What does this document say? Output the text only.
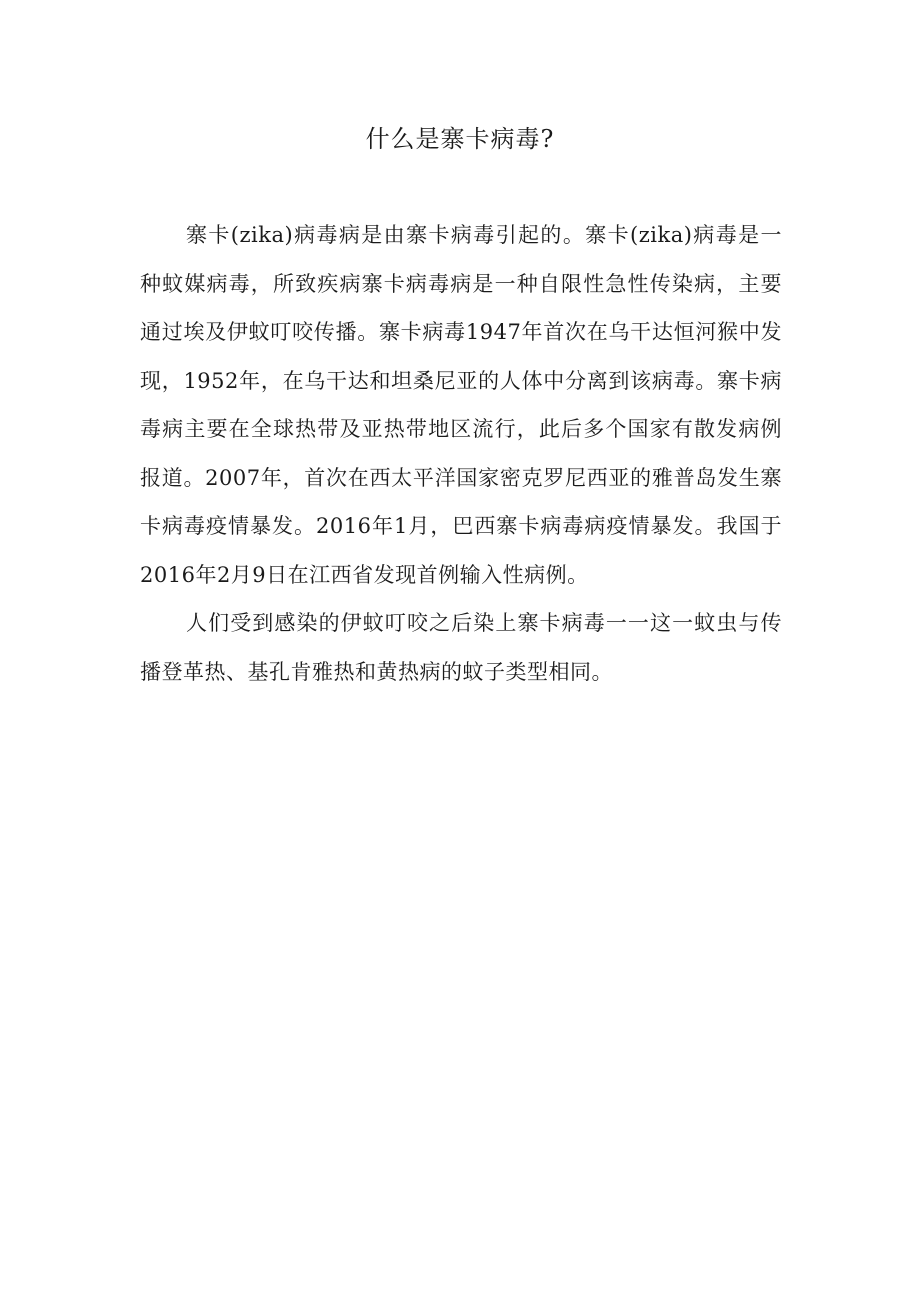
什么是寨卡病毒?

寨卡(zika)病毒病是由寨卡病毒引起的。寨卡(zika)病毒是一种蚊媒病毒，所致疾病寨卡病毒病是一种自限性急性传染病，主要通过埃及伊蚊叮咬传播。寨卡病毒1947年首次在乌干达恒河猴中发现，1952年，在乌干达和坦桑尼亚的人体中分离到该病毒。寨卡病毒病主要在全球热带及亚热带地区流行，此后多个国家有散发病例报道。2007年，首次在西太平洋国家密克罗尼西亚的雅普岛发生寨卡病毒疫情暴发。2016年1月，巴西寨卡病毒病疫情暴发。我国于2016年2月9日在江西省发现首例输入性病例。

人们受到感染的伊蚊叮咬之后染上寨卡病毒一一这一蚊虫与传播登革热、基孔肯雅热和黄热病的蚊子类型相同。
